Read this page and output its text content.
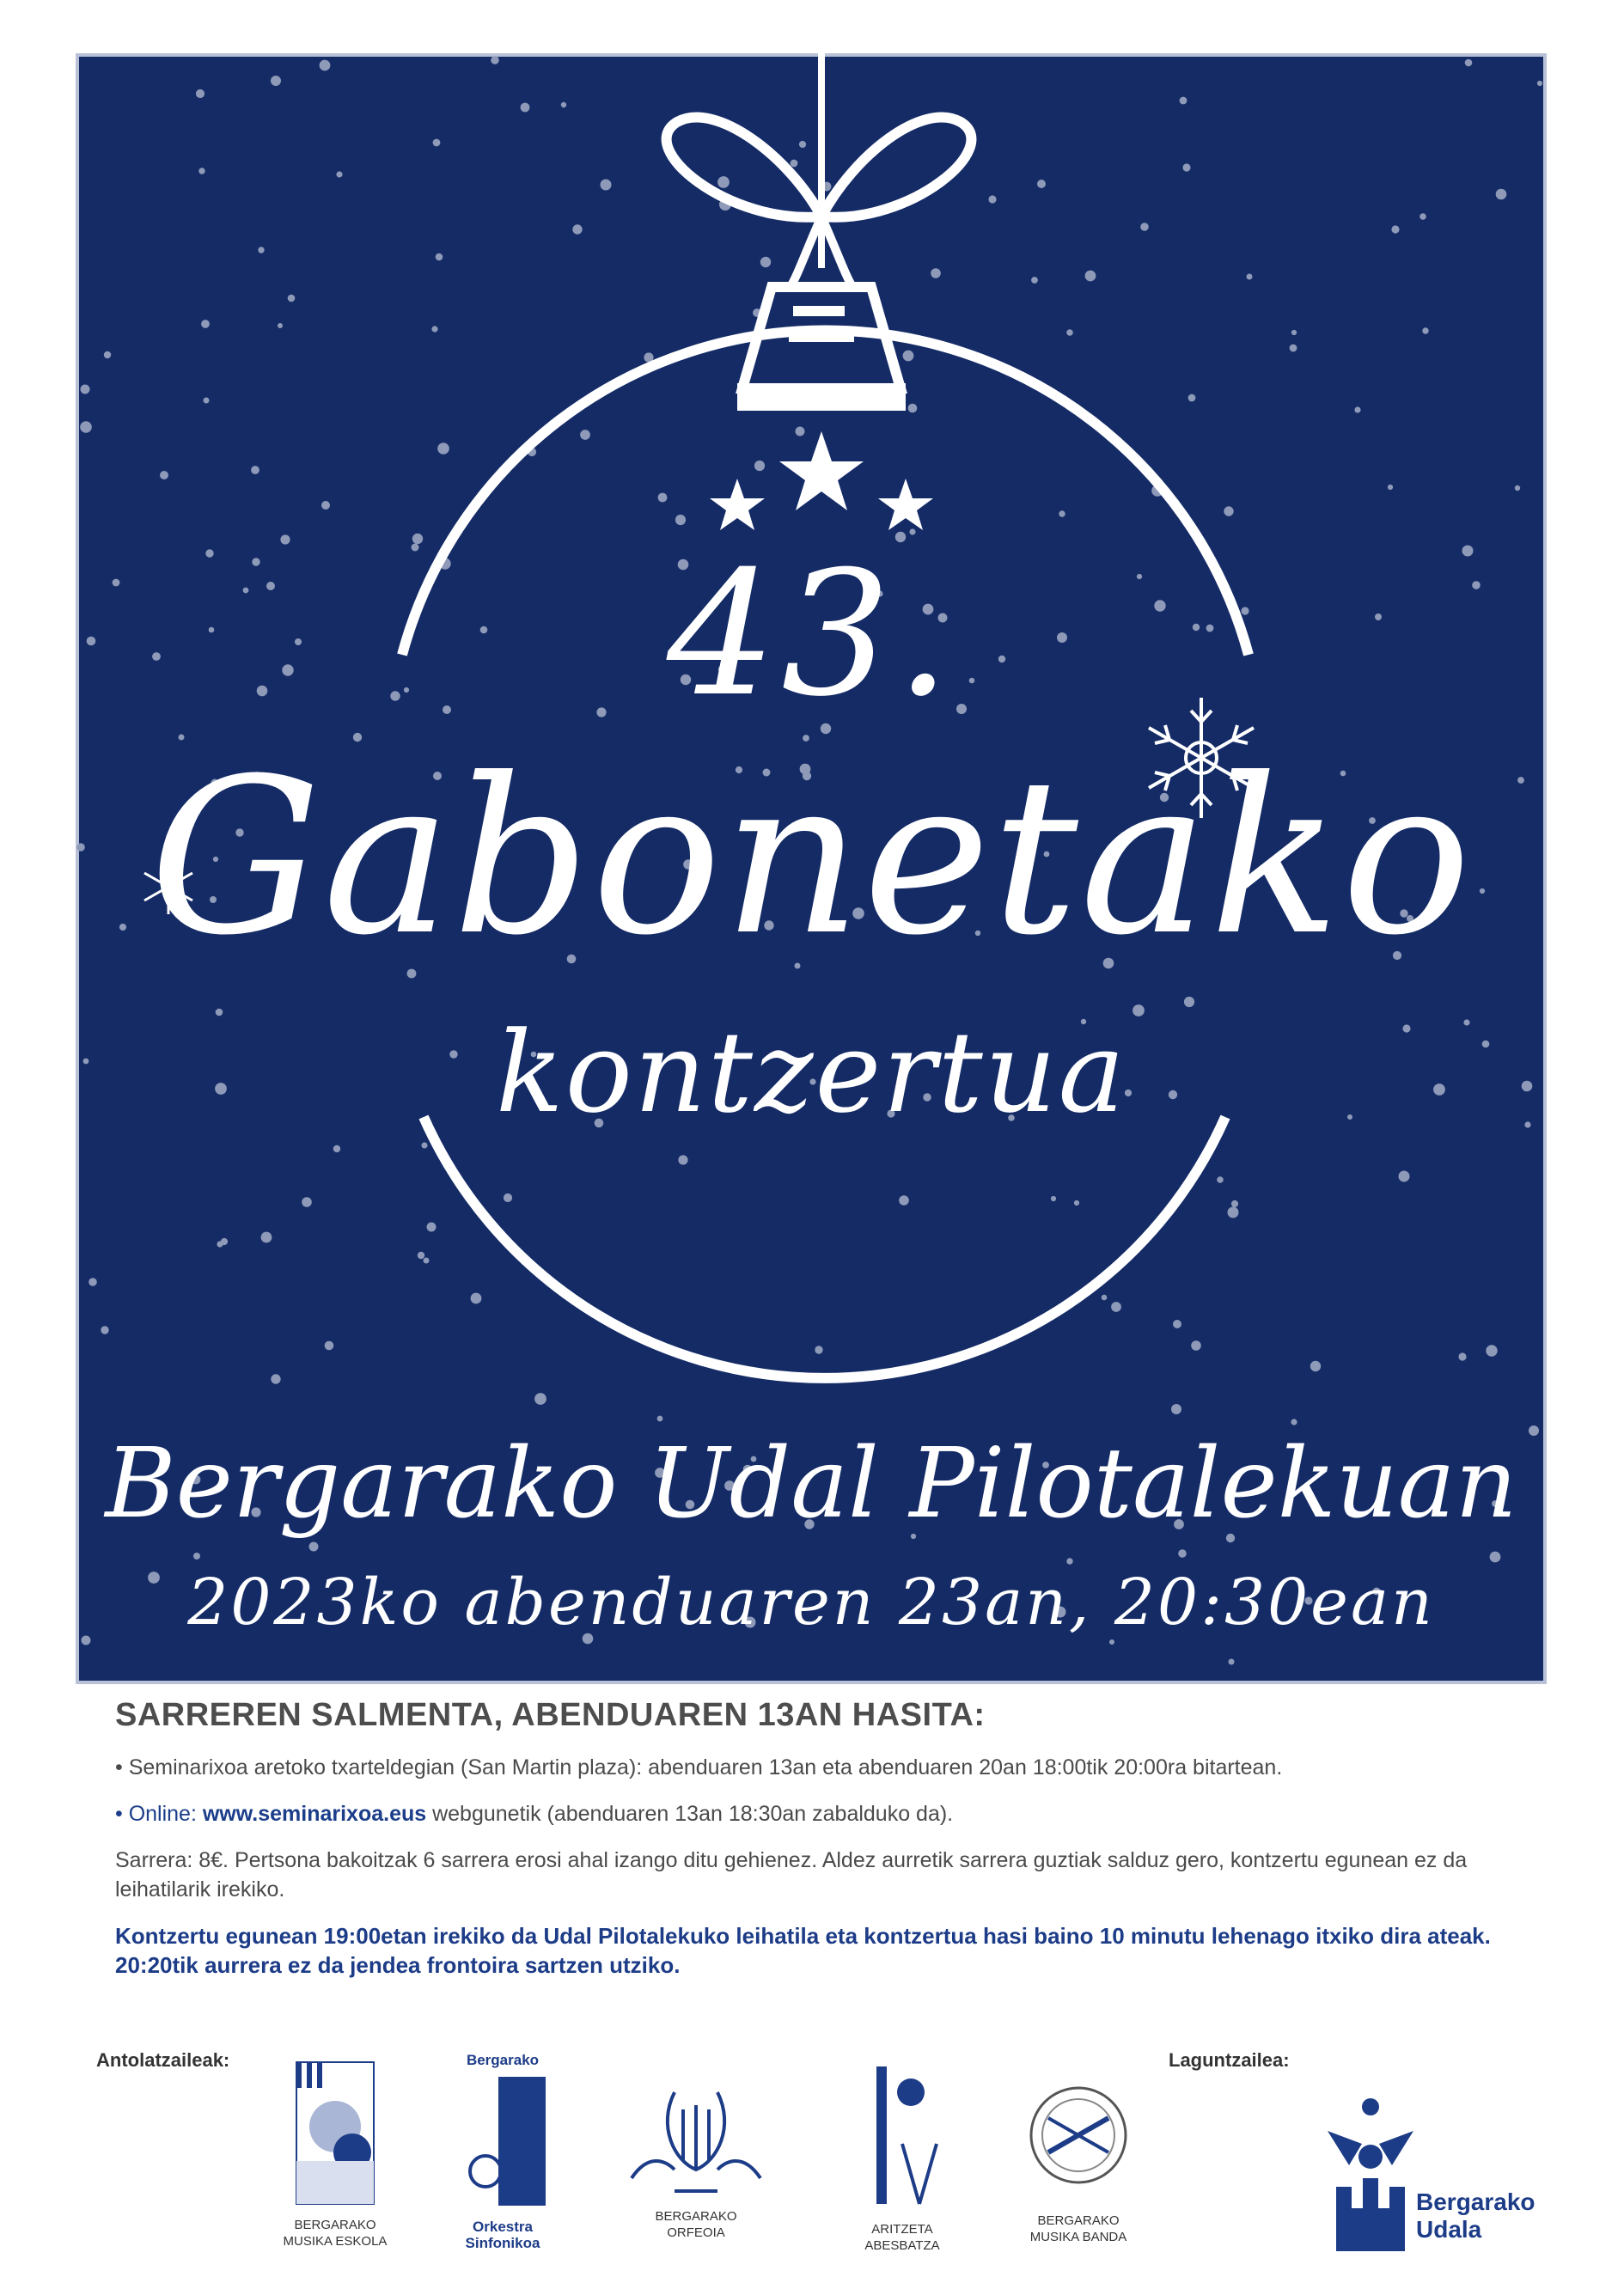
43.
Gabonetako
kontzertua
Bergarako Udal Pilotalekuan
2023ko abenduaren 23an, 20:30ean
SARREREN SALMENTA, ABENDUAREN 13AN HASITA:

• Seminarixoa aretoko txarteldegian (San Martin plaza): abenduaren 13an eta abenduaren 20an 18:00tik 20:00ra bitartean.

• Online: www.seminarixoa.eus webgunetik (abenduaren 13an 18:30an zabalduko da).

Sarrera: 8€. Pertsona bakoitzak 6 sarrera erosi ahal izango ditu gehienez. Aldez aurretik sarrera guztiak salduz gero, kontzertu egunean ez da leihatilarik irekiko.

Kontzertu egunean 19:00etan irekiko da Udal Pilotalekuko leihatila eta kontzertua hasi baino 10 minutu lehenago itxiko dira ateak. 20:20tik aurrera ez da jendea frontoira sartzen utziko.

Antolatzaileak:	Laguntzailea:
BERGARAKO
MUSIKA ESKOLA
Bergarako
Orkestra
Sinfonikoa
BERGARAKO
ORFEOIA	ARITZETA
ABESBATZA
BERGARAKO
MUSIKA BANDA
Bergarako
Udala
